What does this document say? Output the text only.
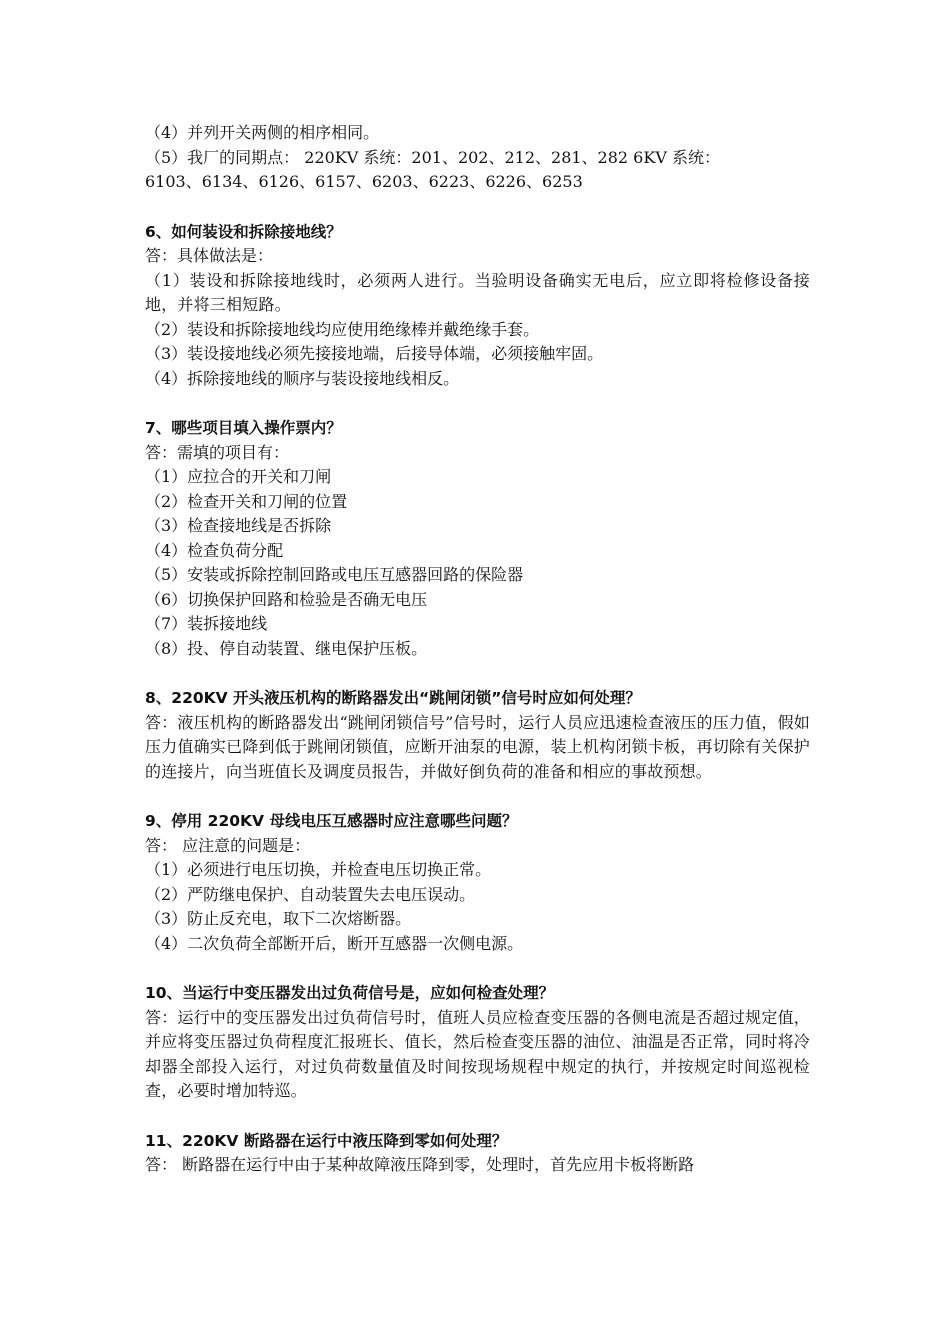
（4）并列开关两侧的相序相同。
（5）我厂的同期点： 220KV 系统：201、202、212、281、282 6KV 系统：
6103、6134、6126、6157、6203、6223、6226、6253
6、如何装设和拆除接地线？
答：具体做法是：
（1）装设和拆除接地线时，必须两人进行。当验明设备确实无电后，应立即将检修设备接地，并将三相短路。
（2）装设和拆除接地线均应使用绝缘棒并戴绝缘手套。
（3）装设接地线必须先接接地端，后接导体端，必须接触牢固。
（4）拆除接地线的顺序与装设接地线相反。
7、哪些项目填入操作票内？
答：需填的项目有：
（1）应拉合的开关和刀闸
（2）检查开关和刀闸的位置
（3）检查接地线是否拆除
（4）检查负荷分配
（5）安装或拆除控制回路或电压互感器回路的保险器
（6）切换保护回路和检验是否确无电压
（7）装拆接地线
（8）投、停自动装置、继电保护压板。
8、220KV 开头液压机构的断路器发出“跳闸闭锁”信号时应如何处理？
答：液压机构的断路器发出“跳闸闭锁信号”信号时，运行人员应迅速检查液压的压力值，假如压力值确实已降到低于跳闸闭锁值，应断开油泵的电源，装上机构闭锁卡板，再切除有关保护的连接片，向当班值长及调度员报告，并做好倒负荷的准备和相应的事故预想。
9、停用 220KV 母线电压互感器时应注意哪些问题？
答： 应注意的问题是：
（1）必须进行电压切换，并检查电压切换正常。
（2）严防继电保护、自动装置失去电压误动。
（3）防止反充电，取下二次熔断器。
（4）二次负荷全部断开后，断开互感器一次侧电源。
10、当运行中变压器发出过负荷信号是，应如何检查处理？
答：运行中的变压器发出过负荷信号时，值班人员应检查变压器的各侧电流是否超过规定值，并应将变压器过负荷程度汇报班长、值长，然后检查变压器的油位、油温是否正常，同时将冷却器全部投入运行，对过负荷数量值及时间按现场规程中规定的执行，并按规定时间巡视检查，必要时增加特巡。
11、220KV 断路器在运行中液压降到零如何处理？
答： 断路器在运行中由于某种故障液压降到零，处理时，首先应用卡板将断路
